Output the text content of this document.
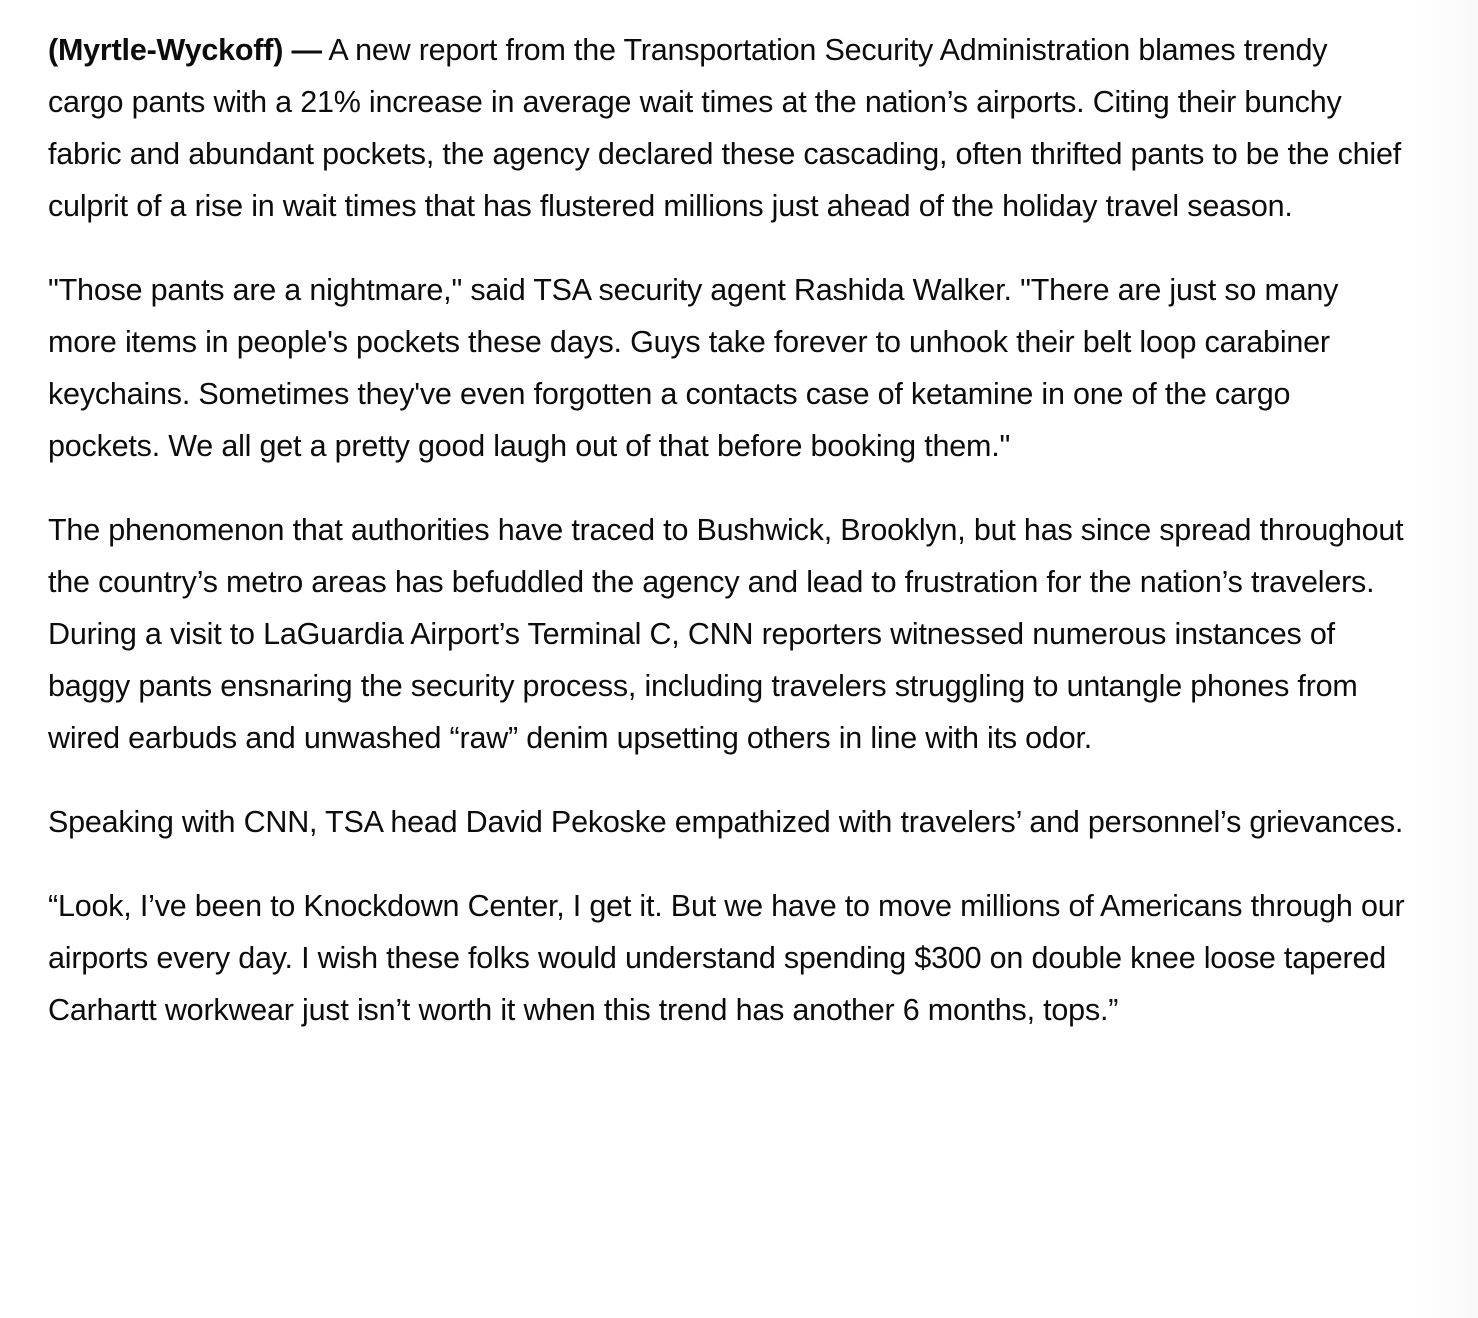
(Myrtle-Wyckoff) — A new report from the Transportation Security Administration blames trendy cargo pants with a 21% increase in average wait times at the nation’s airports. Citing their bunchy fabric and abundant pockets, the agency declared these cascading, often thrifted pants to be the chief culprit of a rise in wait times that has flustered millions just ahead of the holiday travel season.

"Those pants are a nightmare," said TSA security agent Rashida Walker. "There are just so many more items in people's pockets these days. Guys take forever to unhook their belt loop carabiner keychains. Sometimes they've even forgotten a contacts case of ketamine in one of the cargo pockets. We all get a pretty good laugh out of that before booking them."

The phenomenon that authorities have traced to Bushwick, Brooklyn, but has since spread throughout the country’s metro areas has befuddled the agency and lead to frustration for the nation’s travelers. During a visit to LaGuardia Airport’s Terminal C, CNN reporters witnessed numerous instances of baggy pants ensnaring the security process, including travelers struggling to untangle phones from wired earbuds and unwashed “raw” denim upsetting others in line with its odor.

Speaking with CNN, TSA head David Pekoske empathized with travelers’ and personnel’s grievances.

“Look, I’ve been to Knockdown Center, I get it. But we have to move millions of Americans through our airports every day. I wish these folks would understand spending $300 on double knee loose tapered Carhartt workwear just isn’t worth it when this trend has another 6 months, tops.”
